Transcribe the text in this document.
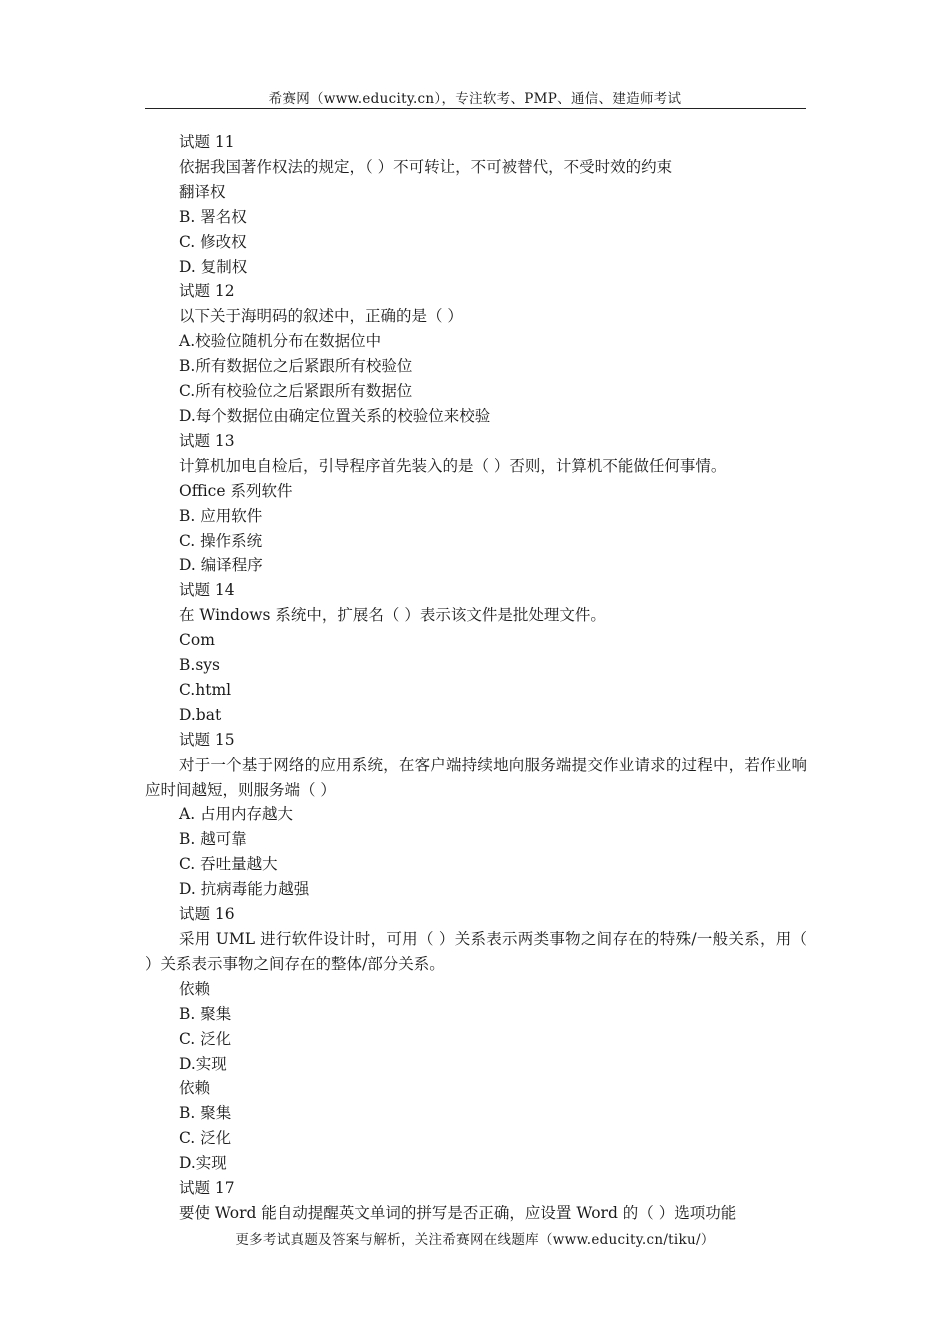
希赛网（www.educity.cn），专注软考、PMP、通信、建造师考试
试题 11
依据我国著作权法的规定，（ ）不可转让，不可被替代，不受时效的约束
翻译权
B. 署名权
C. 修改权
D. 复制权
试题 12
以下关于海明码的叙述中，正确的是（ ）
A.校验位随机分布在数据位中
B.所有数据位之后紧跟所有校验位
C.所有校验位之后紧跟所有数据位
D.每个数据位由确定位置关系的校验位来校验
试题 13
计算机加电自检后，引导程序首先装入的是（ ）否则，计算机不能做任何事情。
Office 系列软件
B. 应用软件
C. 操作系统
D. 编译程序
试题 14
在 Windows 系统中，扩展名（ ）表示该文件是批处理文件。
Com
B.sys
C.html
D.bat
试题 15
对于一个基于网络的应用系统，在客户端持续地向服务端提交作业请求的过程中，若作业响应时间越短，则服务端（ ）
A. 占用内存越大
B. 越可靠
C. 吞吐量越大
D. 抗病毒能力越强
试题 16
采用 UML 进行软件设计时，可用（ ）关系表示两类事物之间存在的特殊/一般关系，用（ ）关系表示事物之间存在的整体/部分关系。
依赖
B. 聚集
C. 泛化
D.实现
依赖
B. 聚集
C. 泛化
D.实现
试题 17
要使 Word 能自动提醒英文单词的拼写是否正确，应设置 Word 的（ ）选项功能
更多考试真题及答案与解析，关注希赛网在线题库（www.educity.cn/tiku/）
